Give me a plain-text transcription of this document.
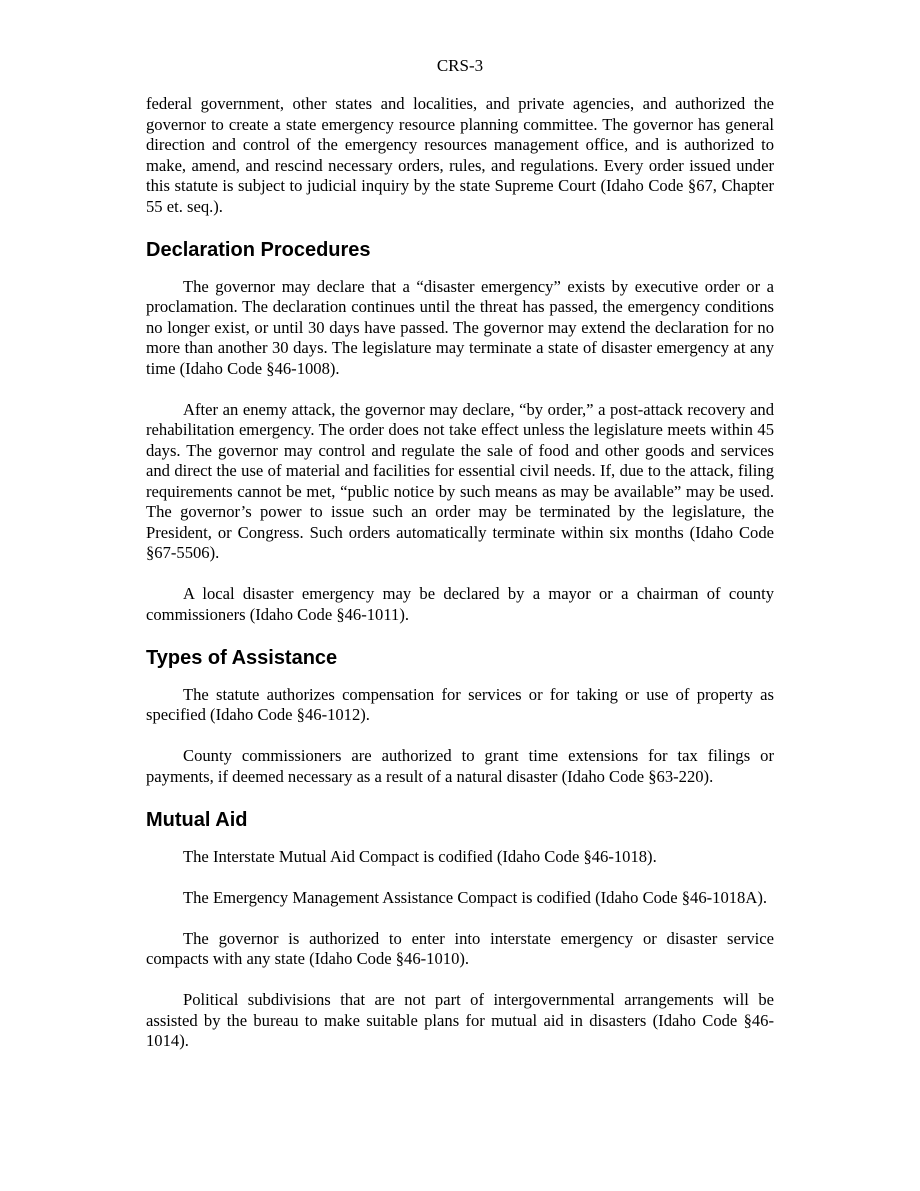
CRS-3

federal government, other states and localities, and private agencies, and authorized the governor to create a state emergency resource planning committee. The governor has general direction and control of the emergency resources management office, and is authorized to make, amend, and rescind necessary orders, rules, and regulations. Every order issued under this statute is subject to judicial inquiry by the state Supreme Court (Idaho Code §67, Chapter 55 et. seq.).

Declaration Procedures

The governor may declare that a “disaster emergency” exists by executive order or a proclamation. The declaration continues until the threat has passed, the emergency conditions no longer exist, or until 30 days have passed. The governor may extend the declaration for no more than another 30 days. The legislature may terminate a state of disaster emergency at any time (Idaho Code §46-1008).

After an enemy attack, the governor may declare, “by order,” a post-attack recovery and rehabilitation emergency. The order does not take effect unless the legislature meets within 45 days. The governor may control and regulate the sale of food and other goods and services and direct the use of material and facilities for essential civil needs. If, due to the attack, filing requirements cannot be met, “public notice by such means as may be available” may be used. The governor’s power to issue such an order may be terminated by the legislature, the President, or Congress. Such orders automatically terminate within six months (Idaho Code §67-5506).

A local disaster emergency may be declared by a mayor or a chairman of county commissioners (Idaho Code §46-1011).

Types of Assistance

The statute authorizes compensation for services or for taking or use of property as specified (Idaho Code §46-1012).

County commissioners are authorized to grant time extensions for tax filings or payments, if deemed necessary as a result of a natural disaster (Idaho Code §63-220).

Mutual Aid

The Interstate Mutual Aid Compact is codified (Idaho Code §46-1018).

The Emergency Management Assistance Compact is codified (Idaho Code §46-1018A).

The governor is authorized to enter into interstate emergency or disaster service compacts with any state (Idaho Code §46-1010).

Political subdivisions that are not part of intergovernmental arrangements will be assisted by the bureau to make suitable plans for mutual aid in disasters (Idaho Code §46-1014).
